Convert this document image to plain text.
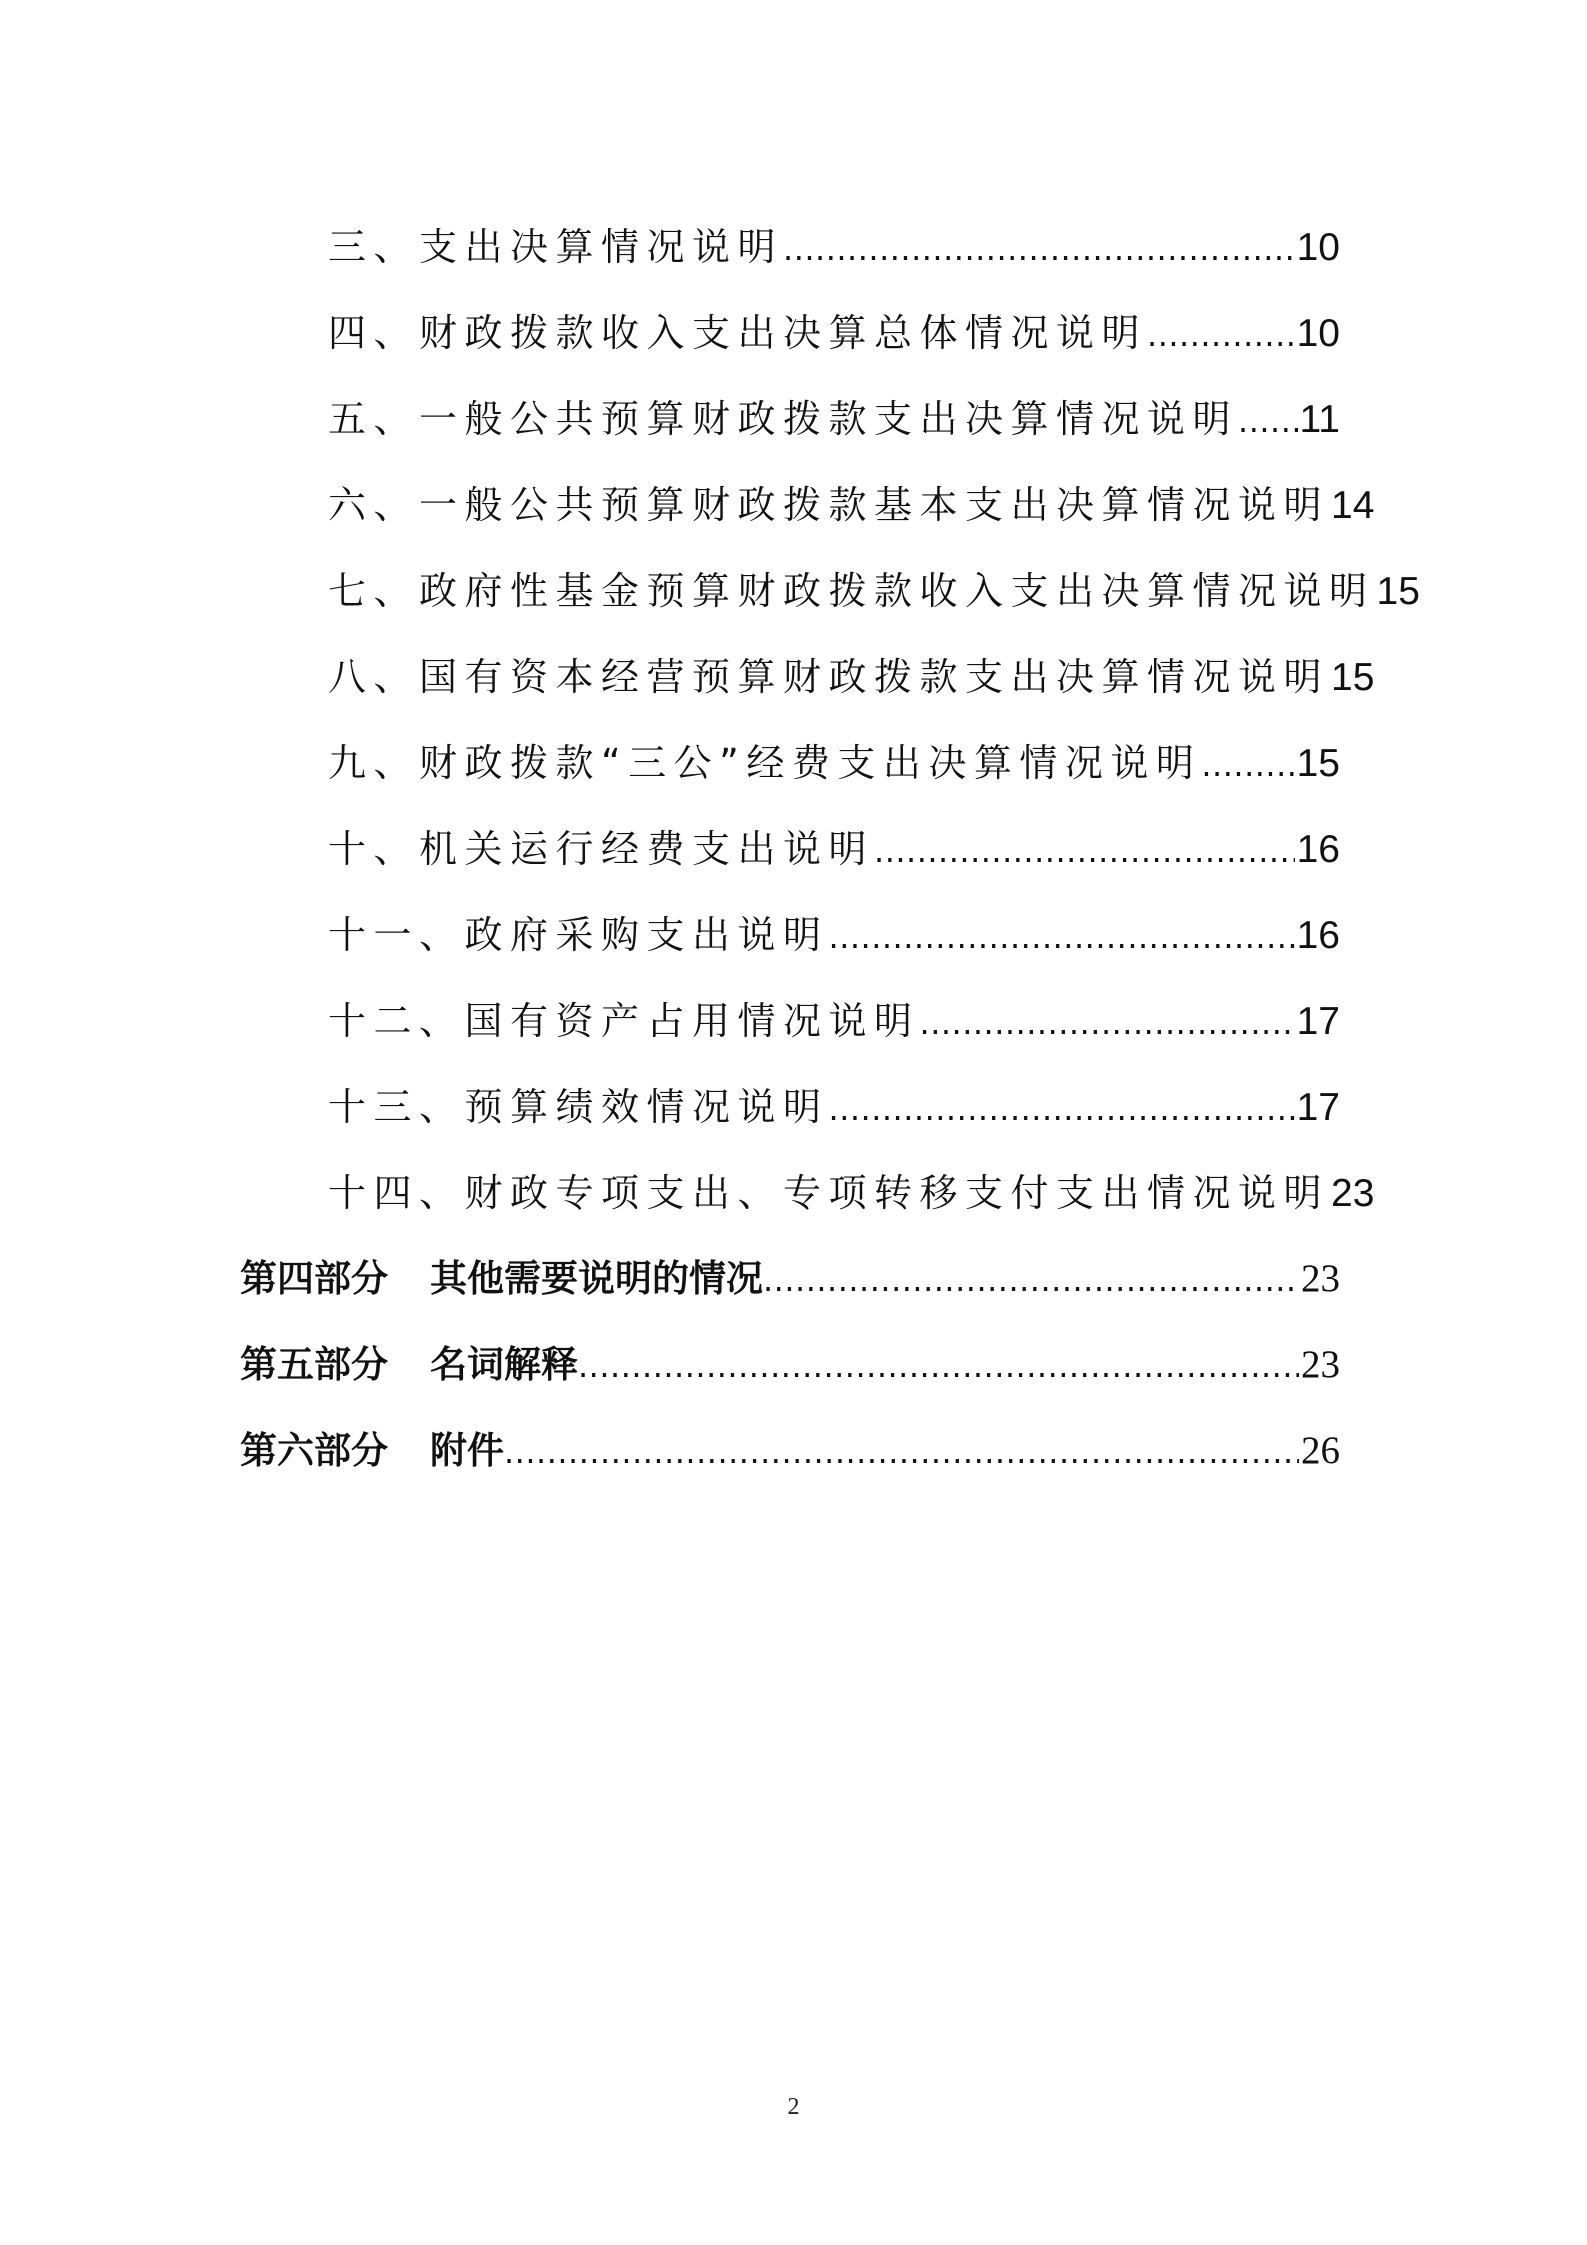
三、支出决算情况说明 .....	10
四、财政拨款收入支出决算总体情况说明 .....	10
五、一般公共预算财政拨款支出决算情况说明 ..... 11
六、一般公共预算财政拨款基本支出决算情况说明 14
七、政府性基金预算财政拨款收入支出决算情况说明 15
八、国有资本经营预算财政拨款支出决算情况说明 15
九、财政拨款“三公”经费支出决算情况说明 ..... 15
十、机关运行经费支出说明 .....	16
十一、政府采购支出说明 .....	16
十二、国有资产占用情况说明 .....	17
十三、预算绩效情况说明 .....	17
十四、财政专项支出、专项转移支付支出情况说明 23
第四部分 其他需要说明的情况 .....	23
第五部分 名词解释 .....	23
第六部分 附件 .....	26
2
